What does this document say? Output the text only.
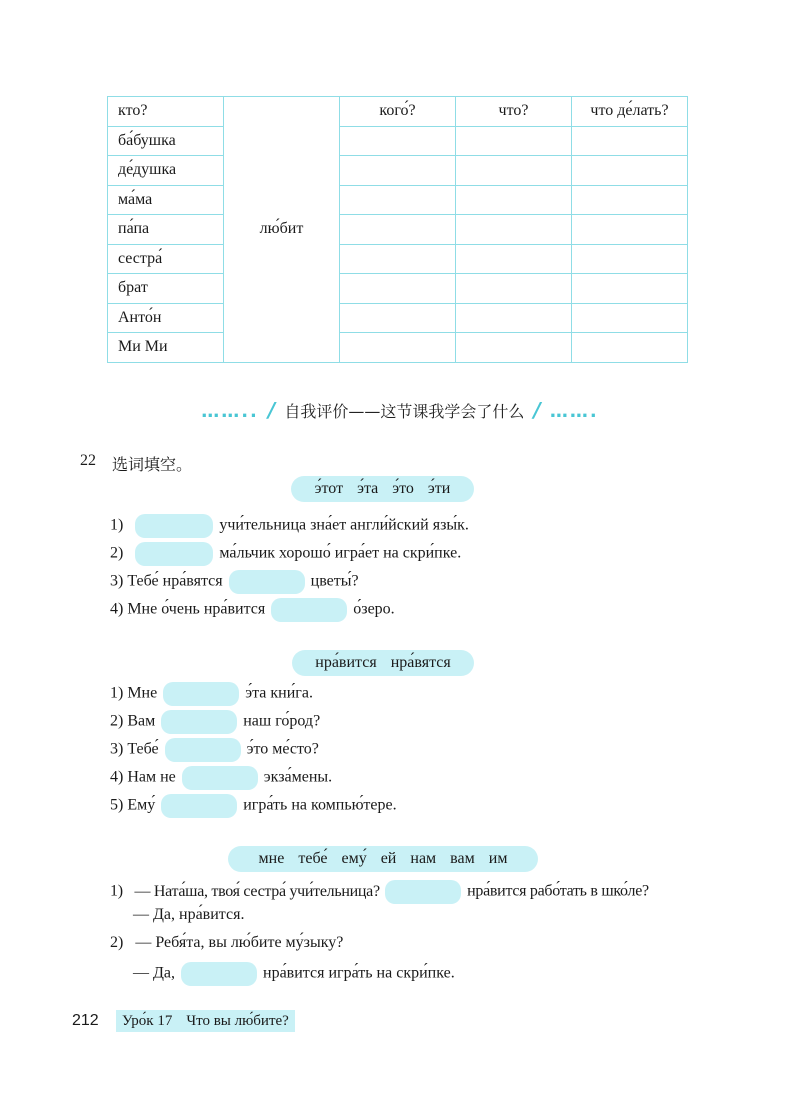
кто?	лю́бит	кого́?	что?	что де́лать?
ба́бушка				
де́душка				
ма́ма				
па́па				
сестра́				
брат				
Анто́н				
Ми Ми				
…….. / 自我评价——这节课我学会了什么 / …….
22 选词填空。
э́тот э́та э́то э́ти
1)	учи́тельница зна́ет англи́йский язы́к.
2)	ма́льчик хорошо́ игра́ет на скри́пке.
3) Тебе́ нра́вятся	цветы́?
4) Мне о́чень нра́вится	о́зеро.
нра́вится нра́вятся
1) Мне	э́та кни́га.
2) Вам	наш го́род?
3) Тебе́	э́то ме́сто?
4) Нам не	экза́мены.
5) Ему́	игра́ть на компью́тере.
мне тебе́ ему́ ей нам вам им
1) — Ната́ша, твоя́ сестра́ учи́тельница?	нра́вится рабо́тать в шко́ле?
— Да, нра́вится.
2) — Ребя́та, вы лю́бите му́зыку?
— Да,	нра́вится игра́ть на скри́пке.
212	Уро́к 17 Что вы лю́бите?
